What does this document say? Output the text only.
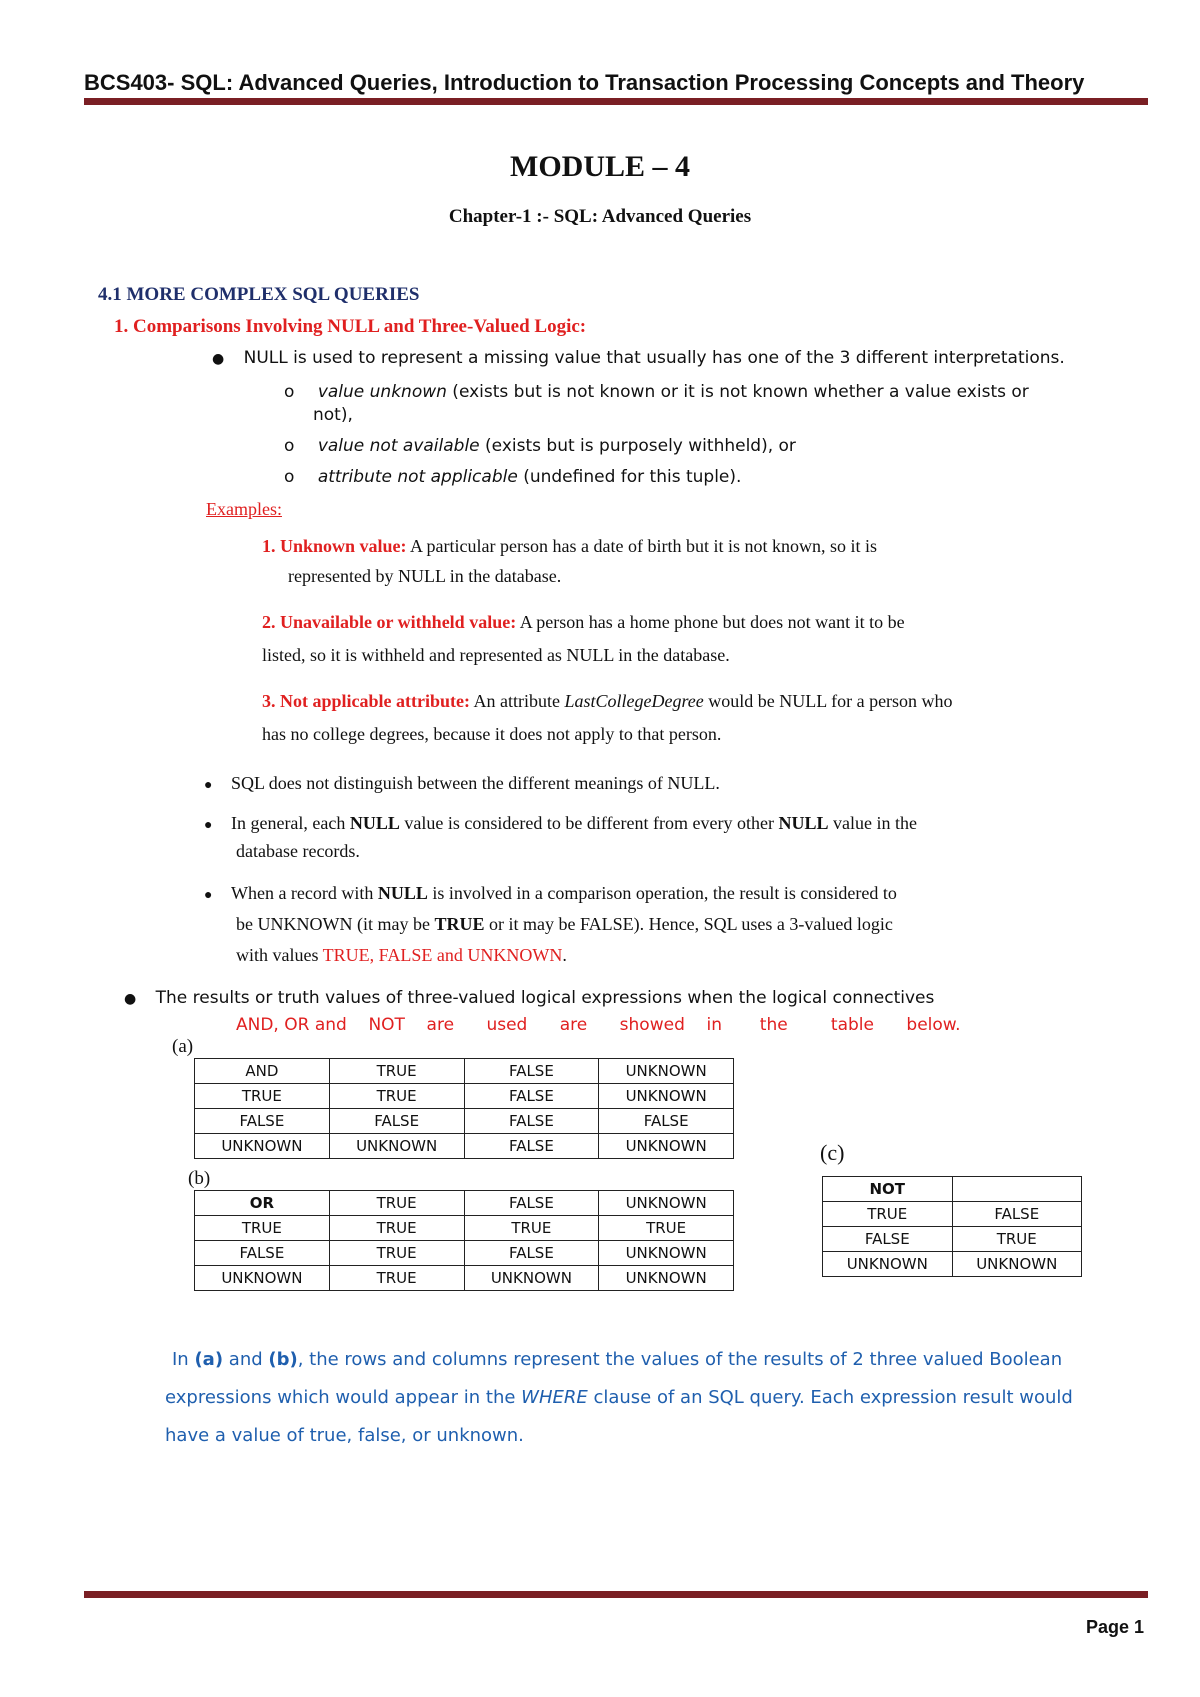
BCS403- SQL: Advanced Queries, Introduction to Transaction Processing Concepts and Theory
MODULE – 4
Chapter-1 :- SQL: Advanced Queries
4.1 MORE COMPLEX SQL QUERIES
1. Comparisons Involving NULL and Three-Valued Logic:
● NULL is used to represent a missing value that usually has one of the 3 different interpretations.
o value unknown (exists but is not known or it is not known whether a value exists or
not),
o value not available (exists but is purposely withheld), or
o attribute not applicable (undefined for this tuple).
Examples:
1. Unknown value: A particular person has a date of birth but it is not known, so it is
represented by NULL in the database.
2. Unavailable or withheld value: A person has a home phone but does not want it to be
listed, so it is withheld and represented as NULL in the database.
3. Not applicable attribute: An attribute LastCollegeDegree would be NULL for a person who
has no college degrees, because it does not apply to that person.
● SQL does not distinguish between the different meanings of NULL.
● In general, each NULL value is considered to be different from every other NULL value in the
database records.
● When a record with NULL is involved in a comparison operation, the result is considered to
be UNKNOWN (it may be TRUE or it may be FALSE). Hence, SQL uses a 3-valued logic
with values TRUE, FALSE and UNKNOWN.
● The results or truth values of three-valued logical expressions when the logical connectives
AND, OR and    NOT    are      used      are      showed    in       the        table      below.
(a)
AND	TRUE	FALSE	UNKNOWN
TRUE	TRUE	FALSE	UNKNOWN
FALSE	FALSE	FALSE	FALSE
UNKNOWN	UNKNOWN	FALSE	UNKNOWN
(b)
OR	TRUE	FALSE	UNKNOWN
TRUE	TRUE	TRUE	TRUE
FALSE	TRUE	FALSE	UNKNOWN
UNKNOWN	TRUE	UNKNOWN	UNKNOWN
(c)
NOT	
TRUE	FALSE
FALSE	TRUE
UNKNOWN	UNKNOWN
In (a) and (b), the rows and columns represent the values of the results of 2 three valued Boolean
expressions which would appear in the WHERE clause of an SQL query. Each expression result would
have a value of true, false, or unknown.
Page 1
